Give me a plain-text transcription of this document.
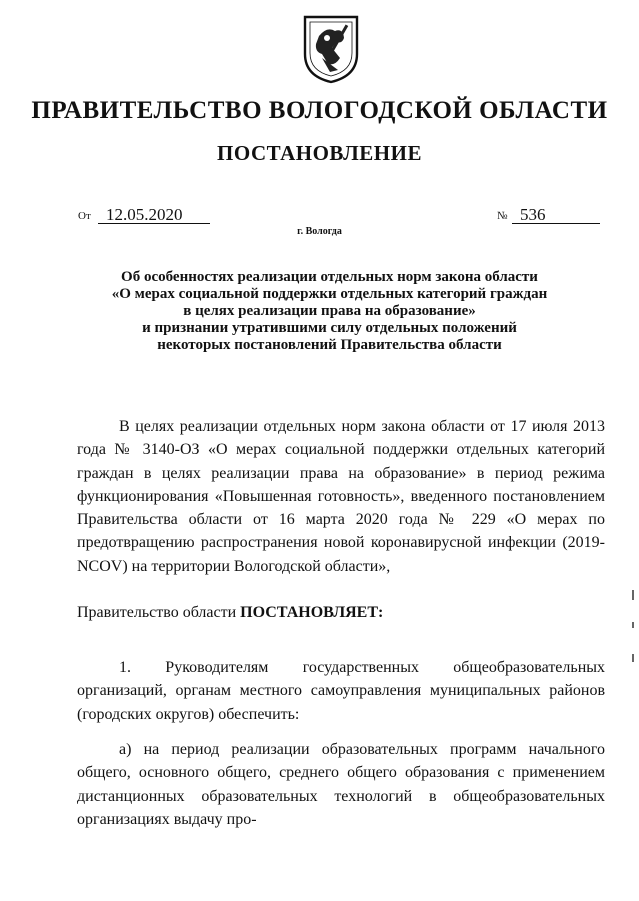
ПРАВИТЕЛЬСТВО ВОЛОГОДСКОЙ ОБЛАСТИ
ПОСТАНОВЛЕНИЕ
От 12.05.2020	№ 536
г. Вологда
Об особенностях реализации отдельных норм закона области
«О мерах социальной поддержки отдельных категорий граждан
в целях реализации права на образование»
и признании утратившими силу отдельных положений
некоторых постановлений Правительства области
В целях реализации отдельных норм закона области от 17 июля 2013 года № 3140-ОЗ «О мерах социальной поддержки отдельных категорий граждан в целях реализации права на образование» в период режима функционирования «Повышенная готовность», введенного постановлением Правительства области от 16 марта 2020 года № 229 «О мерах по предотвращению распространения новой коронавирусной инфекции (2019-NCOV) на территории Вологодской области»,
Правительство области ПОСТАНОВЛЯЕТ:
1. Руководителям государственных общеобразовательных организаций, органам местного самоуправления муниципальных районов (городских округов) обеспечить:
а) на период реализации образовательных программ начального общего, основного общего, среднего общего образования с применением дистанционных образовательных технологий в общеобразовательных организациях выдачу про-
